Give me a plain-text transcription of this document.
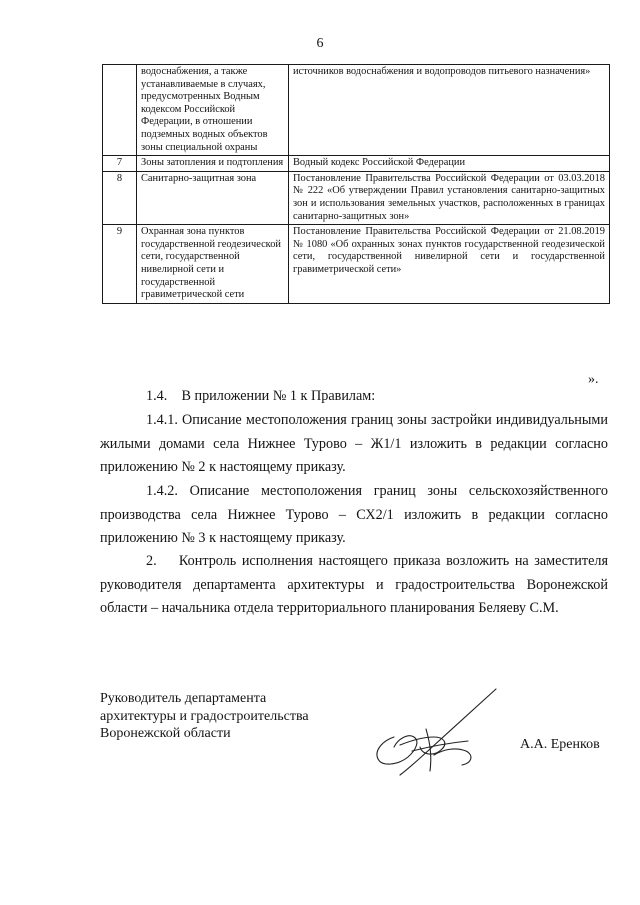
6
	водоснабжения, а также устанавливаемые в случаях, предусмотренных Водным кодексом Российской Федерации, в отношении подземных водных объектов зоны специальной охраны	источников водоснабжения и водопроводов питьевого назначения»
7	Зоны затопления и подтопления	Водный кодекс Российской Федерации
8	Санитарно-защитная зона	Постановление Правительства Российской Федерации от 03.03.2018 № 222 «Об утверждении Правил установления санитарно-защитных зон и использования земельных участков, расположенных в границах санитарно-защитных зон»
9	Охранная зона пунктов государственной геодезической сети, государственной нивелирной сети и государственной гравиметрической сети	Постановление Правительства Российской Федерации от 21.08.2019 № 1080 «Об охранных зонах пунктов государственной геодезической сети, государственной нивелирной сети и государственной гравиметрической сети»
».

1.4.    В приложении № 1 к Правилам:

1.4.1. Описание местоположения границ зоны застройки индивидуальными жилыми домами села Нижнее Турово – Ж1/1 изложить в редакции согласно приложению № 2 к настоящему приказу.

1.4.2. Описание местоположения границ зоны сельскохозяйственного производства села Нижнее Турово – СХ2/1 изложить в редакции согласно приложению № 3 к настоящему приказу.

2.    Контроль исполнения настоящего приказа возложить на заместителя руководителя департамента архитектуры и градостроительства Воронежской области – начальника отдела территориального планирования Беляеву С.М.

Руководитель департамента
архитектуры и градостроительства
Воронежской области
А.А. Еренков
